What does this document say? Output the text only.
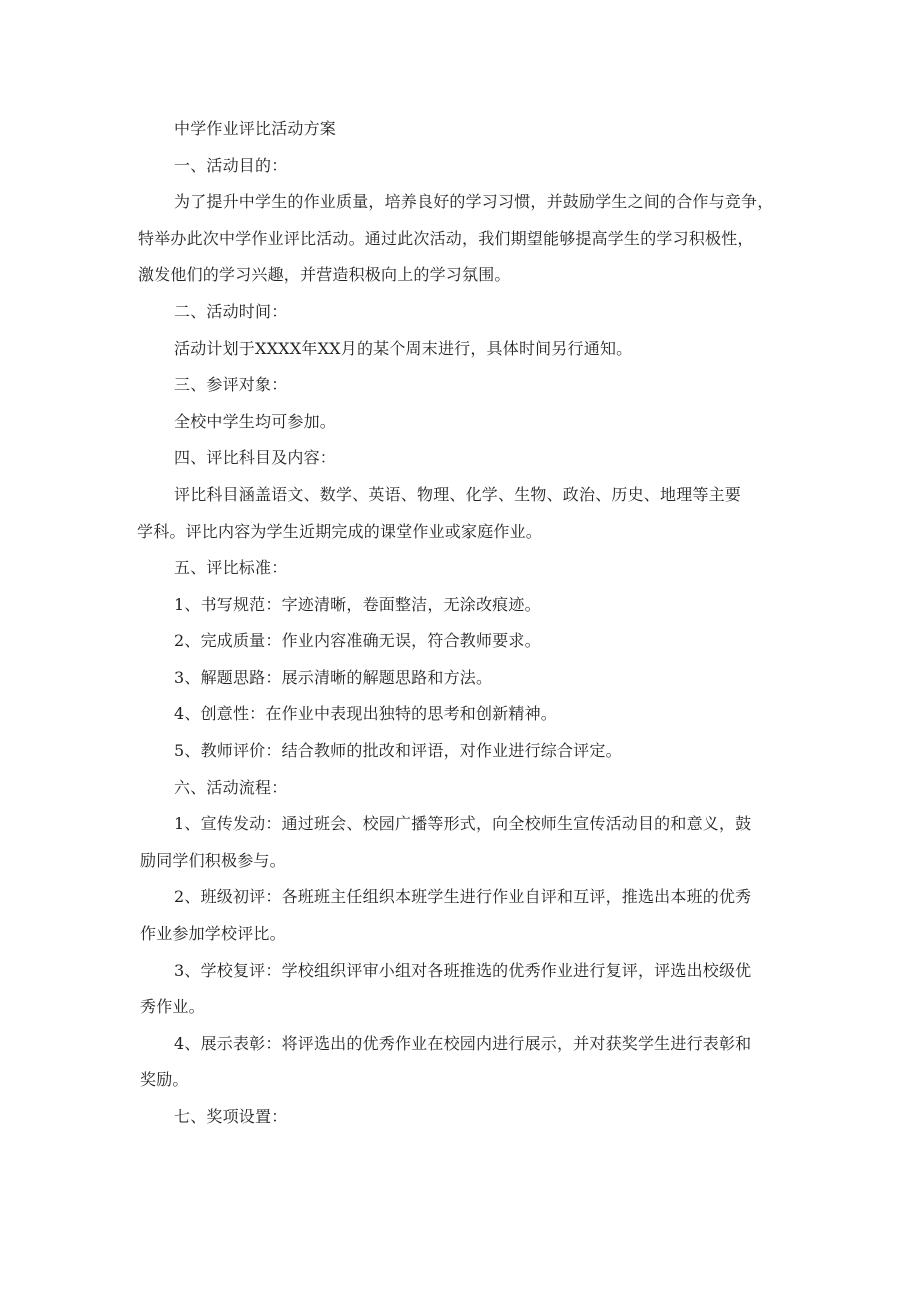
中学作业评比活动方案
一、活动目的：
为了提升中学生的作业质量，培养良好的学习习惯，并鼓励学生之间的合作与竞争，
特举办此次中学作业评比活动。通过此次活动，我们期望能够提高学生的学习积极性，
激发他们的学习兴趣，并营造积极向上的学习氛围。
二、活动时间：
活动计划于XXXX年XX月的某个周末进行，具体时间另行通知。
三、参评对象：
全校中学生均可参加。
四、评比科目及内容：
评比科目涵盖语文、数学、英语、物理、化学、生物、政治、历史、地理等主要
学科。评比内容为学生近期完成的课堂作业或家庭作业。
五、评比标准：
1、书写规范：字迹清晰，卷面整洁，无涂改痕迹。
2、完成质量：作业内容准确无误，符合教师要求。
3、解题思路：展示清晰的解题思路和方法。
4、创意性：在作业中表现出独特的思考和创新精神。
5、教师评价：结合教师的批改和评语，对作业进行综合评定。
六、活动流程：
1、宣传发动：通过班会、校园广播等形式，向全校师生宣传活动目的和意义，鼓
励同学们积极参与。
2、班级初评：各班班主任组织本班学生进行作业自评和互评，推选出本班的优秀
作业参加学校评比。
3、学校复评：学校组织评审小组对各班推选的优秀作业进行复评，评选出校级优
秀作业。
4、展示表彰：将评选出的优秀作业在校园内进行展示，并对获奖学生进行表彰和
奖励。
七、奖项设置：
